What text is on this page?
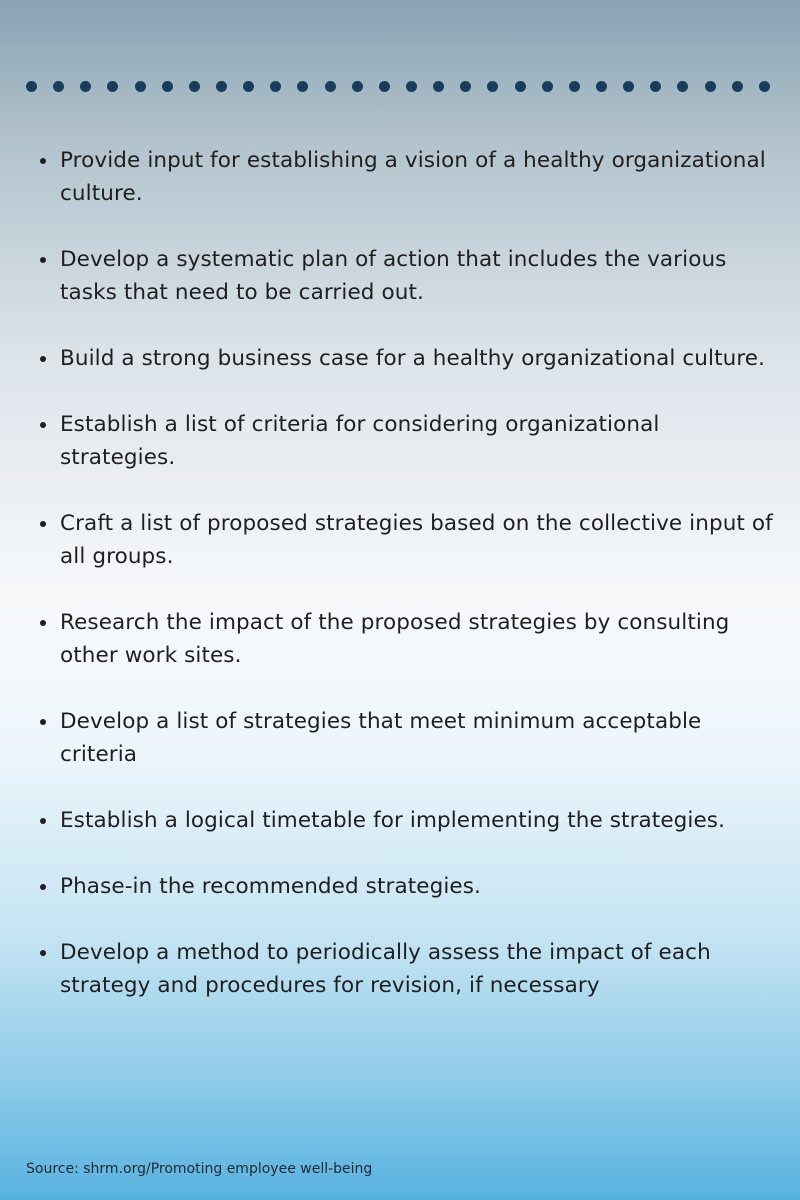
Provide input for establishing a vision of a healthy organizational culture.
Develop a systematic plan of action that includes the various tasks that need to be carried out.
Build a strong business case for a healthy organizational culture.
Establish a list of criteria for considering organizational strategies.
Craft a list of proposed strategies based on the collective input of all groups.
Research the impact of the proposed strategies by consulting other work sites.
Develop a list of strategies that meet minimum acceptable criteria
Establish a logical timetable for implementing the strategies.
Phase-in the recommended strategies.
Develop a method to periodically assess the impact of each strategy and procedures for revision, if necessary
Source: shrm.org/Promoting employee well-being
